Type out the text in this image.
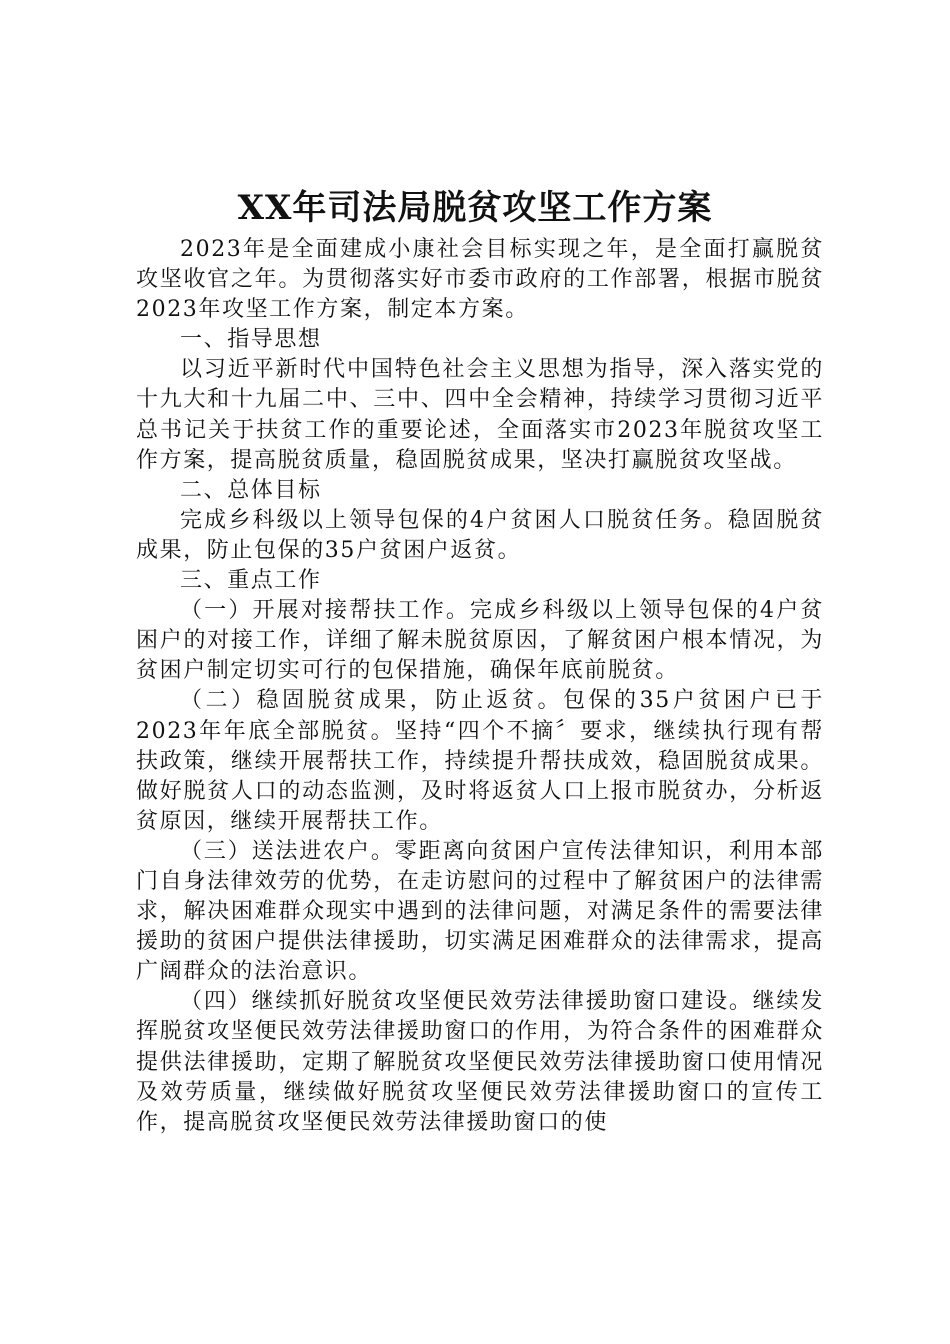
XX年司法局脱贫攻坚工作方案

2023年是全面建成小康社会目标实现之年，是全面打赢脱贫攻坚收官之年。为贯彻落实好市委市政府的工作部署，根据市脱贫2023年攻坚工作方案，制定本方案。

一、指导思想

以习近平新时代中国特色社会主义思想为指导，深入落实党的十九大和十九届二中、三中、四中全会精神，持续学习贯彻习近平总书记关于扶贫工作的重要论述，全面落实市2023年脱贫攻坚工作方案，提高脱贫质量，稳固脱贫成果，坚决打赢脱贫攻坚战。

二、总体目标

完成乡科级以上领导包保的4户贫困人口脱贫任务。稳固脱贫成果，防止包保的35户贫困户返贫。

三、重点工作

（一）开展对接帮扶工作。完成乡科级以上领导包保的4户贫困户的对接工作，详细了解未脱贫原因，了解贫困户根本情况，为贫困户制定切实可行的包保措施，确保年底前脱贫。

（二）稳固脱贫成果，防止返贫。包保的35户贫困户已于2023年年底全部脱贫。坚持“四个不摘〞要求，继续执行现有帮扶政策，继续开展帮扶工作，持续提升帮扶成效，稳固脱贫成果。做好脱贫人口的动态监测，及时将返贫人口上报市脱贫办，分析返贫原因，继续开展帮扶工作。

（三）送法进农户。零距离向贫困户宣传法律知识，利用本部门自身法律效劳的优势，在走访慰问的过程中了解贫困户的法律需求，解决困难群众现实中遇到的法律问题，对满足条件的需要法律援助的贫困户提供法律援助，切实满足困难群众的法律需求，提高广阔群众的法治意识。

（四）继续抓好脱贫攻坚便民效劳法律援助窗口建设。继续发挥脱贫攻坚便民效劳法律援助窗口的作用，为符合条件的困难群众提供法律援助，定期了解脱贫攻坚便民效劳法律援助窗口使用情况及效劳质量，继续做好脱贫攻坚便民效劳法律援助窗口的宣传工作，提高脱贫攻坚便民效劳法律援助窗口的使
